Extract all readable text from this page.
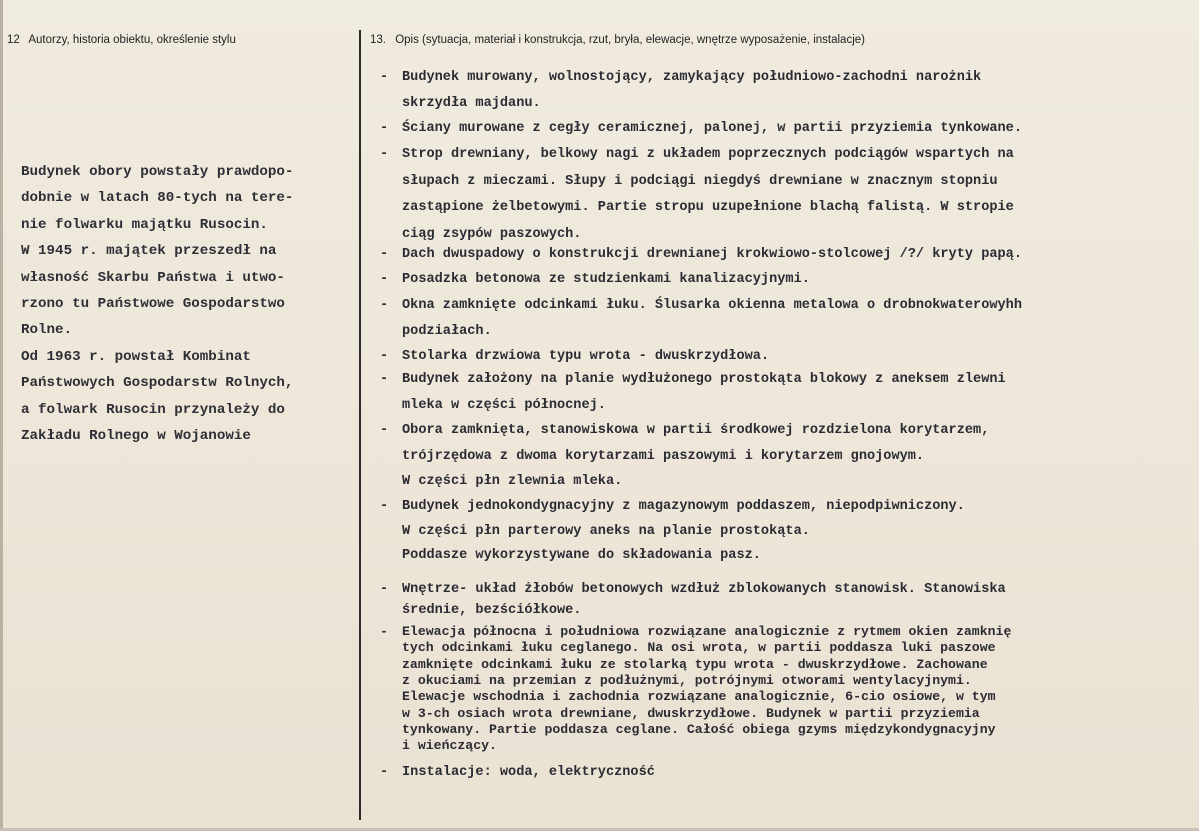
12 Autorzy, historia obiektu, określenie stylu	13. Opis (sytuacja, materiał i konstrukcja, rzut, bryła, elewacje, wnętrze wyposażenie, instalacje)
Budynek obory powstały prawdopo-
dobnie w latach 80-tych na tere-
nie folwarku majątku Rusocin.
W 1945 r. majątek przeszedł na
własność Skarbu Państwa i utwo-
rzono tu Państwowe Gospodarstwo
Rolne.
Od 1963 r. powstał Kombinat
Państwowych Gospodarstw Rolnych,
a folwark Rusocin przynależy do
Zakładu Rolnego w Wojanowie
-	Budynek murowany, wolnostojący, zamykający południowo-zachodni narożnik
skrzydła majdanu.
-	Ściany murowane z cegły ceramicznej, palonej, w partii przyziemia tynkowane.
-	Strop drewniany, belkowy nagi z układem poprzecznych podciągów wspartych na
słupach z mieczami. Słupy i podciągi niegdyś drewniane w znacznym stopniu
zastąpione żelbetowymi. Partie stropu uzupełnione blachą falistą. W stropie
ciąg zsypów paszowych.
-	Dach dwuspadowy o konstrukcji drewnianej krokwiowo-stolcowej /?/ kryty papą.
-	Posadzka betonowa ze studzienkami kanalizacyjnymi.
-	Okna zamknięte odcinkami łuku. Ślusarka okienna metalowa o drobnokwaterowyhh
podziałach.
-	Stolarka drzwiowa typu wrota - dwuskrzydłowa.
-	Budynek założony na planie wydłużonego prostokąta blokowy z aneksem zlewni
mleka w części północnej.
-	Obora zamknięta, stanowiskowa w partii środkowej rozdzielona korytarzem,
trójrzędowa z dwoma korytarzami paszowymi i korytarzem gnojowym.
W części płn zlewnia mleka.
-	Budynek jednokondygnacyjny z magazynowym poddaszem, niepodpiwniczony.
W części płn parterowy aneks na planie prostokąta.
Poddasze wykorzystywane do składowania pasz.
-	Wnętrze- układ żłobów betonowych wzdłuż zblokowanych stanowisk. Stanowiska
średnie, bezściółkowe.
-	Elewacja północna i południowa rozwiązane analogicznie z rytmem okien zamknię
tych odcinkami łuku ceglanego. Na osi wrota, w partii poddasza luki paszowe
zamknięte odcinkami łuku ze stolarką typu wrota - dwuskrzydłowe. Zachowane
z okuciami na przemian z podłużnymi, potrójnymi otworami wentylacyjnymi.
Elewacje wschodnia i zachodnia rozwiązane analogicznie, 6-cio osiowe, w tym
w 3-ch osiach wrota drewniane, dwuskrzydłowe. Budynek w partii przyziemia
tynkowany. Partie poddasza ceglane. Całość obiega gzyms międzykondygnacyjny
i wieńczący.
-	Instalacje: woda, elektryczność
